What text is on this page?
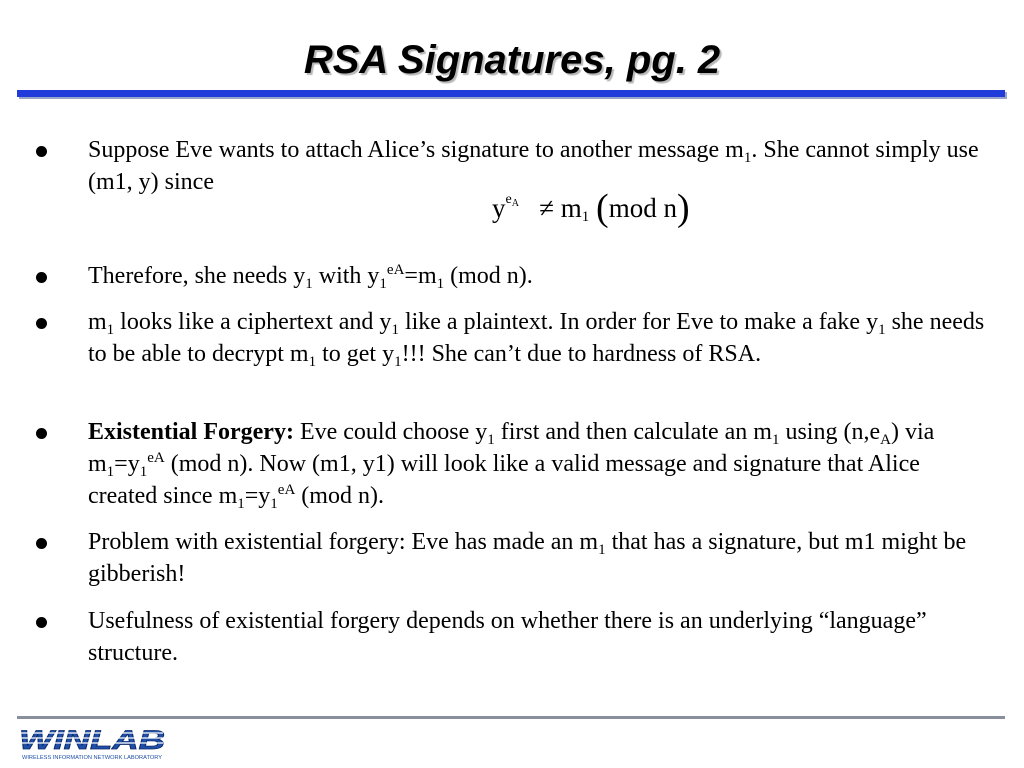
RSA Signatures, pg. 2
Suppose Eve wants to attach Alice’s signature to another message $m_1$. She cannot simply use (m1, y) since
$y^{e_A} \ne m1$ (mod n)
Therefore, she needs $y_1$ with $y_1^{eA}=m_1$ (mod n).
$m_1$ looks like a ciphertext and $y_1$ like a plaintext. In order for Eve to make a fake $y_1$ she needs to be able to decrypt $m_1$ to get $y_1$!!! She can’t due to hardness of RSA.
Existential Forgery: Eve could choose $y_1$ first and then calculate an $m_1$ using $(n,e_A)$ via $m_1=y_1^{eA}$ (mod n). Now (m1, y1) will look like a valid message and signature that Alice created since $m_1=y_1^{eA}$ (mod n).
Problem with existential forgery: Eve has made an $m_1$ that has a signature, but m1 might be gibberish!
Usefulness of existential forgery depends on whether there is an underlying “language” structure.
WINLAB
WIRELESS INFORMATION NETWORK LABORATORY
